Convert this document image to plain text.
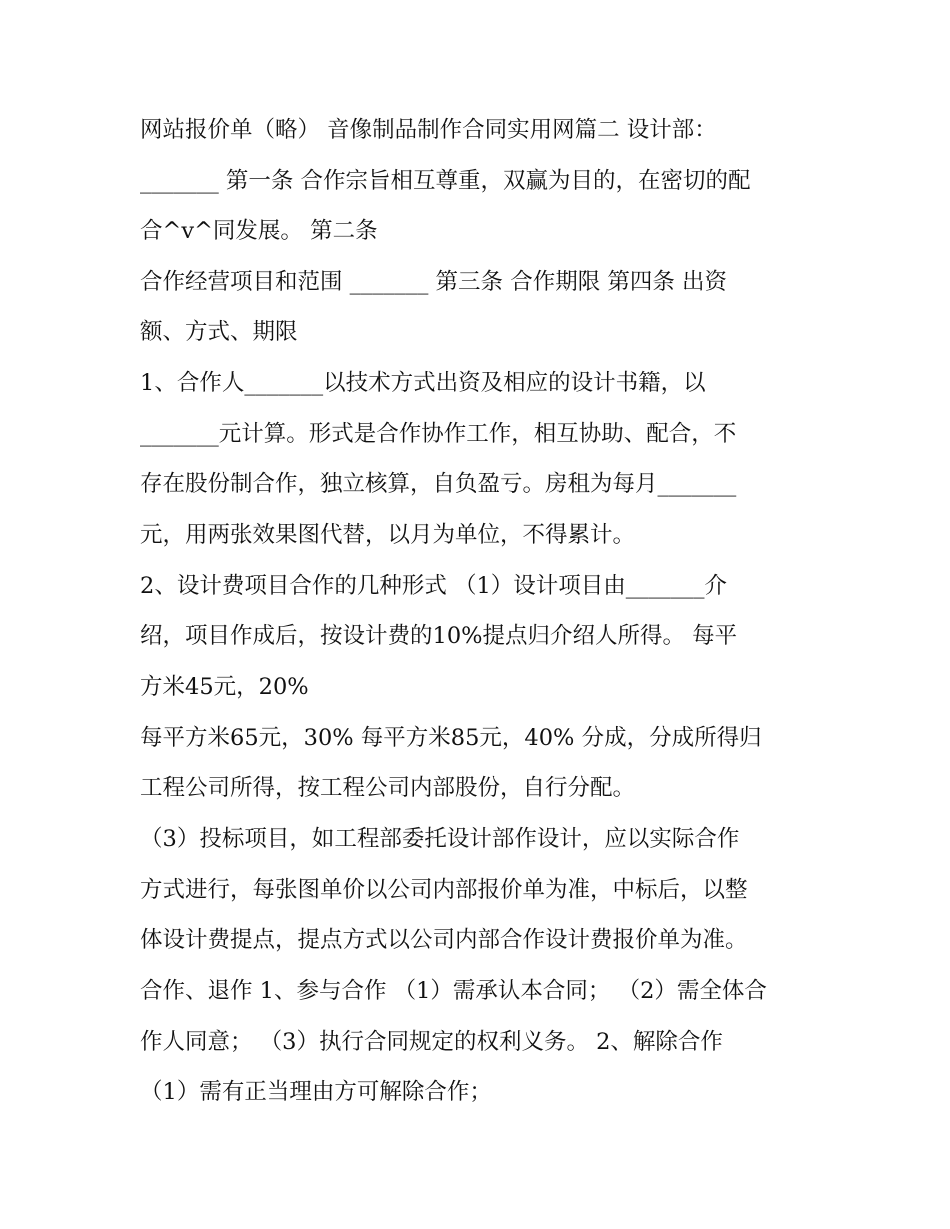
网站报价单（略） 音像制品制作合同实用网篇二 设计部：

_______ 第一条 合作宗旨相互尊重，双赢为目的，在密切的配

合^v^同发展。 第二条

合作经营项目和范围 _______ 第三条 合作期限 第四条 出资

额、方式、期限

1、合作人_______以技术方式出资及相应的设计书籍，以

_______元计算。形式是合作协作工作，相互协助、配合，不

存在股份制合作，独立核算，自负盈亏。房租为每月_______

元，用两张效果图代替，以月为单位，不得累计。

2、设计费项目合作的几种形式 （1）设计项目由_______介

绍，项目作成后，按设计费的10%提点归介绍人所得。 每平

方米45元，20%

每平方米65元，30% 每平方米85元，40% 分成，分成所得归

工程公司所得，按工程公司内部股份，自行分配。

（3）投标项目，如工程部委托设计部作设计，应以实际合作

方式进行，每张图单价以公司内部报价单为准，中标后，以整

体设计费提点，提点方式以公司内部合作设计费报价单为准。

合作、退作 1、参与合作 （1）需承认本合同； （2）需全体合

作人同意； （3）执行合同规定的权利义务。 2、解除合作

（1）需有正当理由方可解除合作；
